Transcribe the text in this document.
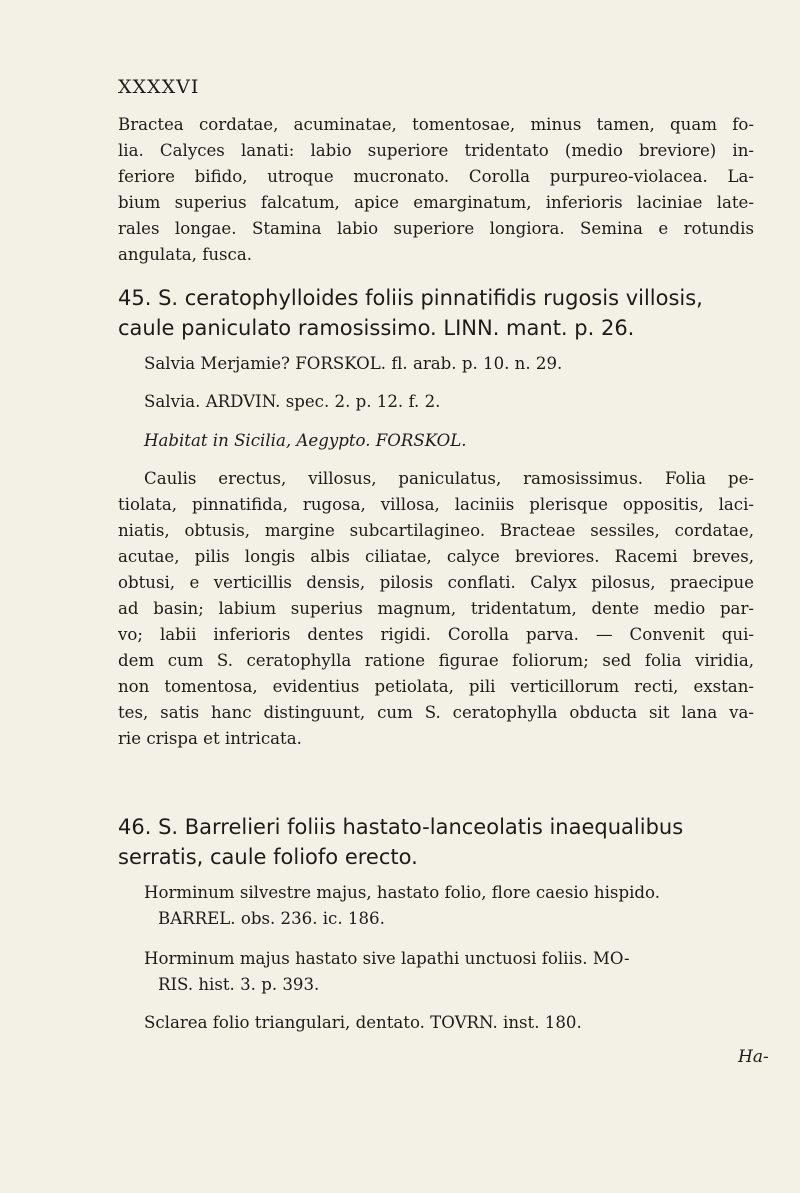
XXXXVI
Bractea cordatae, acuminatae, tomentosae, minus tamen, quam fo-
lia. Calyces lanati: labio superiore tridentato (medio breviore) in-
feriore bifido, utroque mucronato. Corolla purpureo-violacea. La-
bium superius falcatum, apice emarginatum, inferioris laciniae late-
rales longae. Stamina labio superiore longiora. Semina e rotundis
angulata, fusca.
45. S. ceratophylloides foliis pinnatifidis rugosis villosis,
caule paniculato ramosissimo. LINN. mant. p. 26.
Salvia Merjamie? FORSKOL. fl. arab. p. 10. n. 29.
Salvia. ARDVIN. spec. 2. p. 12. f. 2.
Habitat in Sicilia, Aegypto. FORSKOL.
Caulis erectus, villosus, paniculatus, ramosissimus. Folia pe-
tiolata, pinnatifida, rugosa, villosa, laciniis plerisque oppositis, laci-
niatis, obtusis, margine subcartilagineo. Bracteae sessiles, cordatae,
acutae, pilis longis albis ciliatae, calyce breviores. Racemi breves,
obtusi, e verticillis densis, pilosis conflati. Calyx pilosus, praecipue
ad basin; labium superius magnum, tridentatum, dente medio par-
vo; labii inferioris dentes rigidi. Corolla parva. — Convenit qui-
dem cum S. ceratophylla ratione figurae foliorum; sed folia viridia,
non tomentosa, evidentius petiolata, pili verticillorum recti, exstan-
tes, satis hanc distinguunt, cum S. ceratophylla obducta sit lana va-
rie crispa et intricata.
46. S. Barrelieri foliis hastato-lanceolatis inaequalibus
serratis, caule foliofo erecto.
Horminum silvestre majus, hastato folio, flore caesio hispido.
BARREL. obs. 236. ic. 186.
Horminum majus hastato sive lapathi unctuosi foliis. MO-
RIS. hist. 3. p. 393.
Sclarea folio triangulari, dentato. TOVRN. inst. 180.
Ha-
